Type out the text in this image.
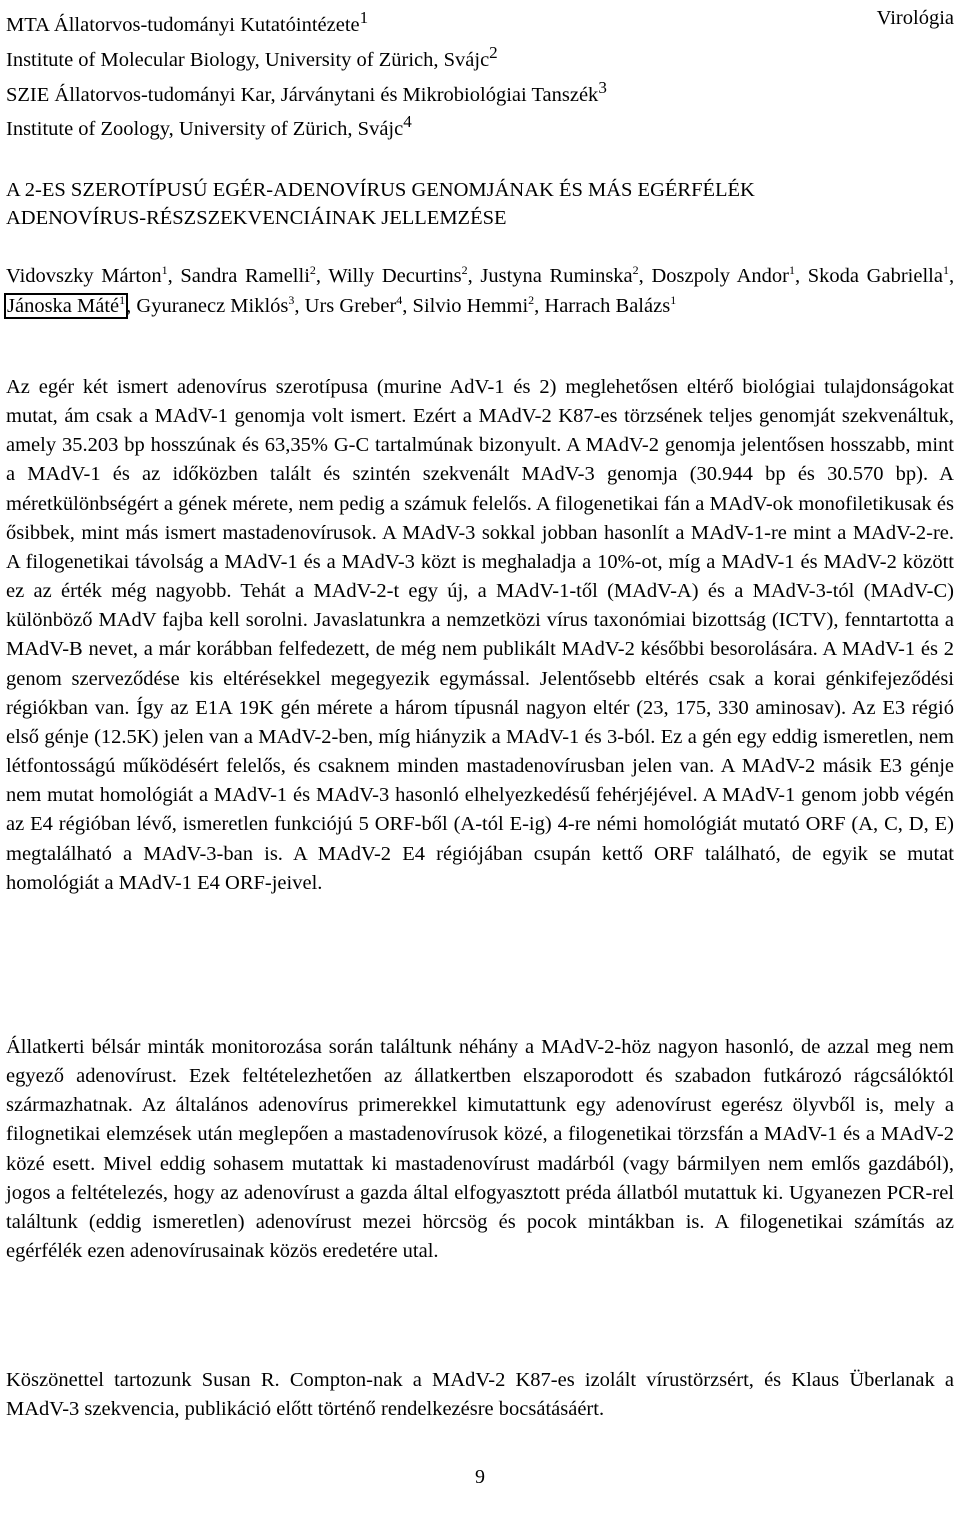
MTA Állatorvos-tudományi Kutatóintézete$^1$
Institute of Molecular Biology, University of Zürich, Svájc$^2$
SZIE Állatorvos-tudományi Kar, Járványtani és Mikrobiológiai Tanszék$^3$
Institute of Zoology, University of Zürich, Svájc$^4$
Virológia
A 2-ES SZEROTÍPUSÚ EGÉR-ADENOVÍRUS GENOMJÁNAK ÉS MÁS EGÉRFÉLÉK
ADENOVÍRUS-RÉSZSZEKVENCIÁINAK JELLEMZÉSE
Vidovszky Márton$^1$, Sandra Ramelli$^2$, Willy Decurtins$^2$, Justyna Ruminska$^2$, Doszpoly Andor$^1$, Skoda Gabriella$^1$, Jánoska Máté$^1$, Gyuranecz Miklós$^3$, Urs Greber$^4$, Silvio Hemmi$^2$, Harrach Balázs$^1$

Az egér két ismert adenovírus szerotípusa (murine AdV-1 és 2) meglehetősen eltérő biológiai tulajdonságokat mutat, ám csak a MAdV-1 genomja volt ismert. Ezért a MAdV-2 K87-es törzsének teljes genomját szekvenáltuk, amely 35.203 bp hosszúnak és 63,35% G-C tartalmúnak bizonyult. A MAdV-2 genomja jelentősen hosszabb, mint a MAdV-1 és az időközben talált és szintén szekvenált MAdV-3 genomja (30.944 bp és 30.570 bp). A méretkülönbségért a gének mérete, nem pedig a számuk felelős. A filogenetikai fán a MAdV-ok monofiletikusak és ősibbek, mint más ismert mastadenovírusok. A MAdV-3 sokkal jobban hasonlít a MAdV-1-re mint a MAdV-2-re. A filogenetikai távolság a MAdV-1 és a MAdV-3 közt is meghaladja a 10%-ot, míg a MAdV-1 és MAdV-2 között ez az érték még nagyobb. Tehát a MAdV-2-t egy új, a MAdV-1-től (MAdV-A) és a MAdV-3-tól (MAdV-C) különböző MAdV fajba kell sorolni. Javaslatunkra a nemzetközi vírus taxonómiai bizottság (ICTV), fenntartotta a MAdV-B nevet, a már korábban felfedezett, de még nem publikált MAdV-2 későbbi besorolására. A MAdV-1 és 2 genom szerveződése kis eltérésekkel megegyezik egymással. Jelentősebb eltérés csak a korai génkifejeződési régiókban van. Így az E1A 19K gén mérete a három típusnál nagyon eltér (23, 175, 330 aminosav). Az E3 régió első génje (12.5K) jelen van a MAdV-2-ben, míg hiányzik a MAdV-1 és 3-ból. Ez a gén egy eddig ismeretlen, nem létfontosságú működésért felelős, és csaknem minden mastadenovírusban jelen van. A MAdV-2 másik E3 génje nem mutat homológiát a MAdV-1 és MAdV-3 hasonló elhelyezkedésű fehérjéjével. A MAdV-1 genom jobb végén az E4 régióban lévő, ismeretlen funkciójú 5 ORF-ből (A-tól E-ig) 4-re némi homológiát mutató ORF (A, C, D, E) megtalálható a MAdV-3-ban is. A MAdV-2 E4 régiójában csupán kettő ORF található, de egyik se mutat homológiát a MAdV-1 E4 ORF-jeivel.

Állatkerti bélsár minták monitorozása során találtunk néhány a MAdV-2-höz nagyon hasonló, de azzal meg nem egyező adenovírust. Ezek feltételezhetően az állatkertben elszaporodott és szabadon futkározó rágcsálóktól származhatnak. Az általános adenovírus primerekkel kimutattunk egy adenovírust egerész ölyvből is, mely a filognetikai elemzések után meglepően a mastadenovírusok közé, a filogenetikai törzsfán a MAdV-1 és a MAdV-2 közé esett. Mivel eddig sohasem mutattak ki mastadenovírust madárból (vagy bármilyen nem emlős gazdából), jogos a feltételezés, hogy az adenovírust a gazda által elfogyasztott préda állatból mutattuk ki. Ugyanezen PCR-rel találtunk (eddig ismeretlen) adenovírust mezei hörcsög és pocok mintákban is. A filogenetikai számítás az egérfélék ezen adenovírusainak közös eredetére utal.

Köszönettel tartozunk Susan R. Compton-nak a MAdV-2 K87-es izolált vírustörzsért, és Klaus Überlanak a MAdV-3 szekvencia, publikáció előtt történő rendelkezésre bocsátásáért.

9
